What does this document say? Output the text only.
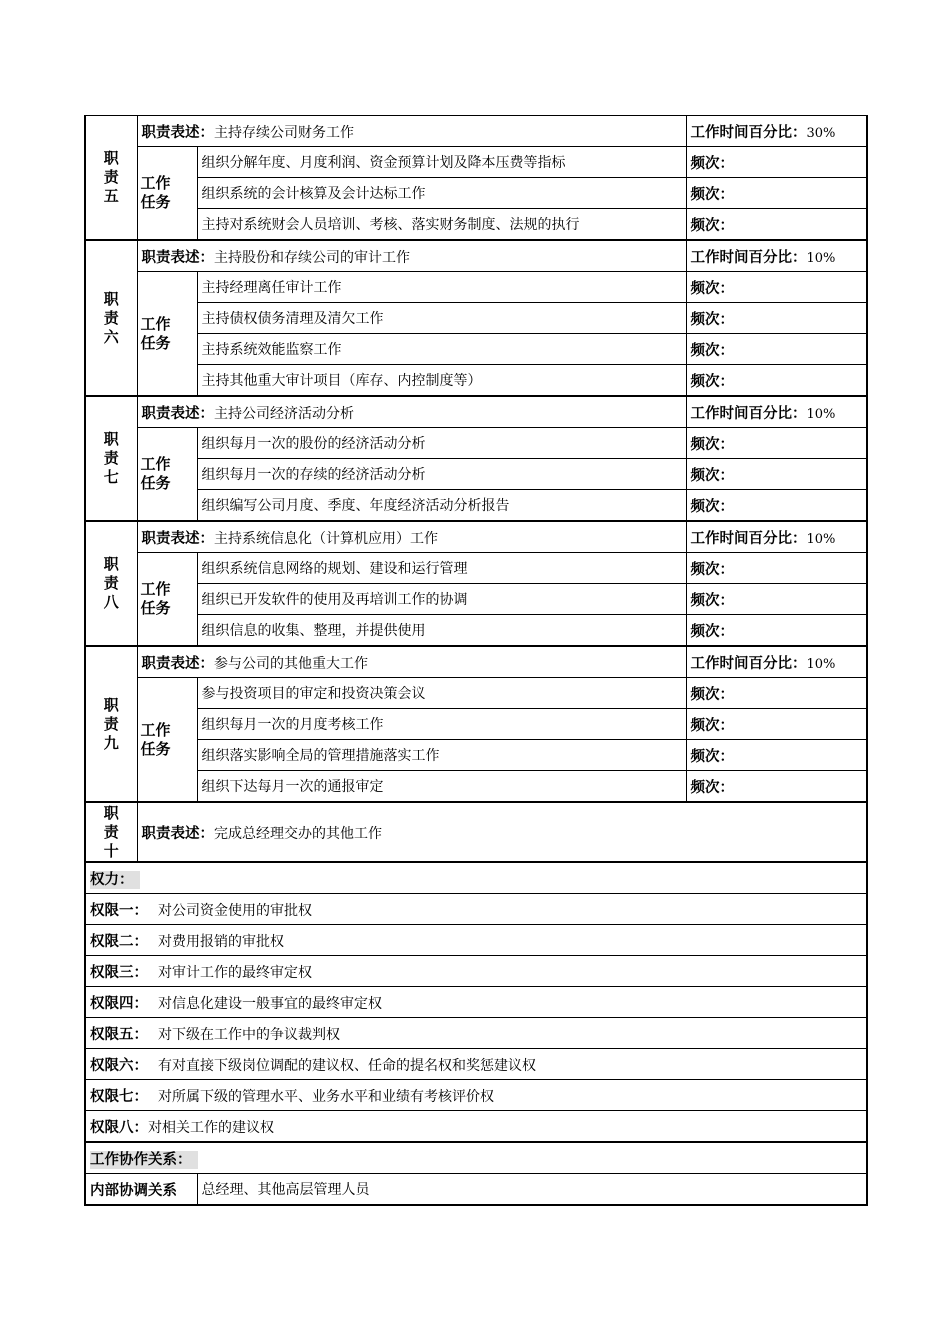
职
责
五	职责表述：主持存续公司财务工作		工作时间百分比：30%

	工作
任务	组织分解年度、月度利润、资金预算计划及降本压费等指标	频次：
		组织系统的会计核算及会计达标工作	频次：
		主持对系统财会人员培训、考核、落实财务制度、法规的执行	频次：

职
责
六	职责表述：主持股份和存续公司的审计工作		工作时间百分比：10%

	工作
任务	主持经理离任审计工作	频次：
		主持债权债务清理及清欠工作	频次：
		主持系统效能监察工作	频次：
		主持其他重大审计项目（库存、内控制度等）	频次：

职
责
七	职责表述：主持公司经济活动分析		工作时间百分比：10%

	工作
任务	组织每月一次的股份的经济活动分析	频次：
		组织每月一次的存续的经济活动分析	频次：
		组织编写公司月度、季度、年度经济活动分析报告	频次：

职
责
八	职责表述：主持系统信息化（计算机应用）工作		工作时间百分比：10%

	工作
任务	组织系统信息网络的规划、建设和运行管理	频次：
		组织已开发软件的使用及再培训工作的协调	频次：
		组织信息的收集、整理，并提供使用	频次：

职
责
九	职责表述：参与公司的其他重大工作		工作时间百分比：10%

	工作
任务	参与投资项目的审定和投资决策会议	频次：
		组织每月一次的月度考核工作	频次：
		组织落实影响全局的管理措施落实工作	频次：
		组织下达每月一次的通报审定	频次：

职
责
十	职责表述：完成总经理交办的其他工作		
权力：			
权限一： 对公司资金使用的审批权			
权限二： 对费用报销的审批权			
权限三： 对审计工作的最终审定权			
权限四： 对信息化建设一般事宜的最终审定权			
权限五： 对下级在工作中的争议裁判权			
权限六： 有对直接下级岗位调配的建议权、任命的提名权和奖惩建议权			
权限七： 对所属下级的管理水平、业务水平和业绩有考核评价权			
权限八：对相关工作的建议权			
工作协作关系：			
内部协调关系		总经理、其他高层管理人员	
